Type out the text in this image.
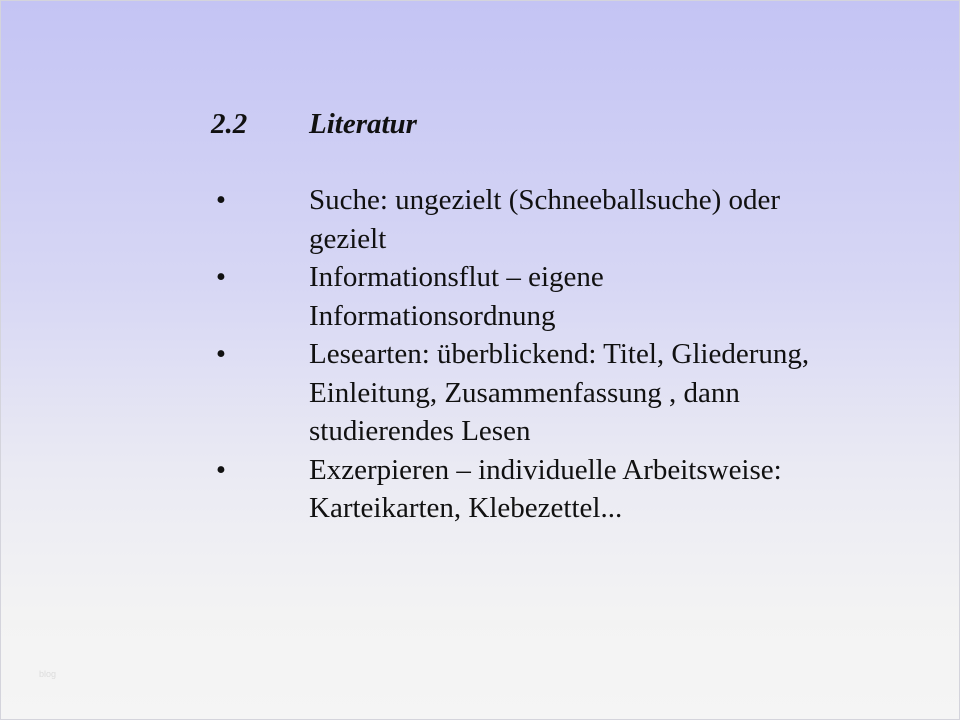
2.2 Literatur
•	Suche: ungezielt (Schneeballsuche) oder gezielt
•	Informationsflut – eigene Informationsordnung
•	Lesearten: überblickend: Titel, Gliederung, Einleitung, Zusammenfassung , dann studierendes Lesen
•	Exzerpieren – individuelle Arbeitsweise: Karteikarten, Klebezettel...
blog
